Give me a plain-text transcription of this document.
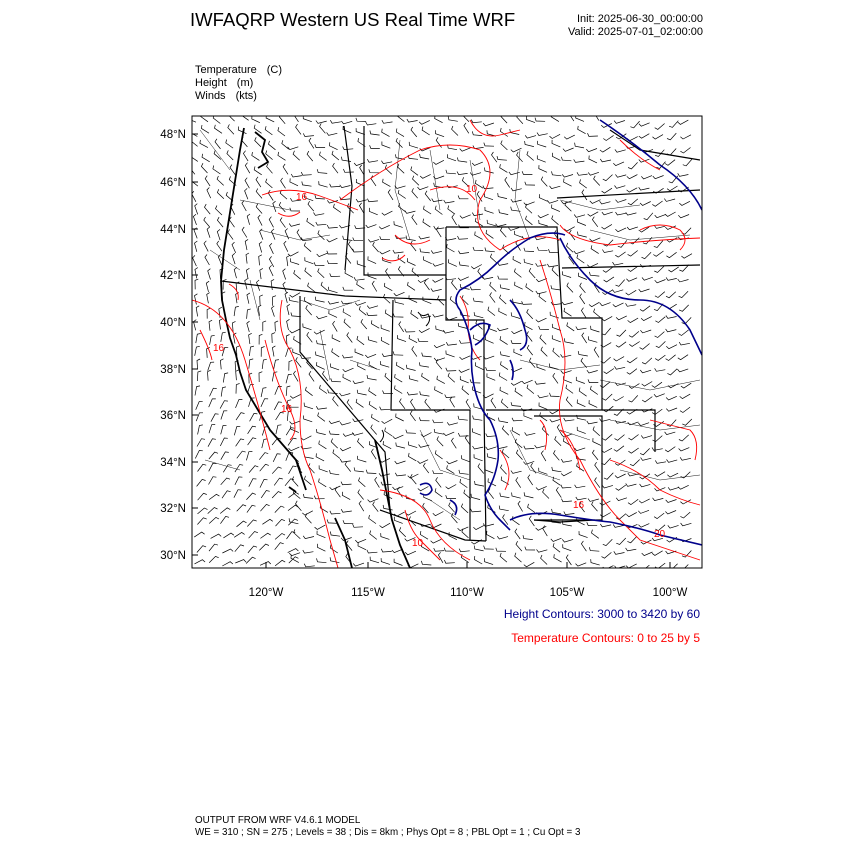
IWFAQRP Western US Real Time WRF	Init: 2025-06-30_00:00:00
Valid: 2025-07-01_02:00:00
Temperature (C)
Height (m)
Winds (kts)
16
10
16
16
10
16
20
48°N
46°N
44°N
42°N
40°N
38°N
36°N
34°N
32°N
30°N
120°W	115°W	110°W	105°W	100°W
Height Contours: 3000 to 3420 by 60
Temperature Contours: 0 to 25 by 5
OUTPUT FROM WRF V4.6.1 MODEL
WE = 310 ; SN = 275 ; Levels = 38 ; Dis = 8km ; Phys Opt = 8 ; PBL Opt = 1 ; Cu Opt = 3
